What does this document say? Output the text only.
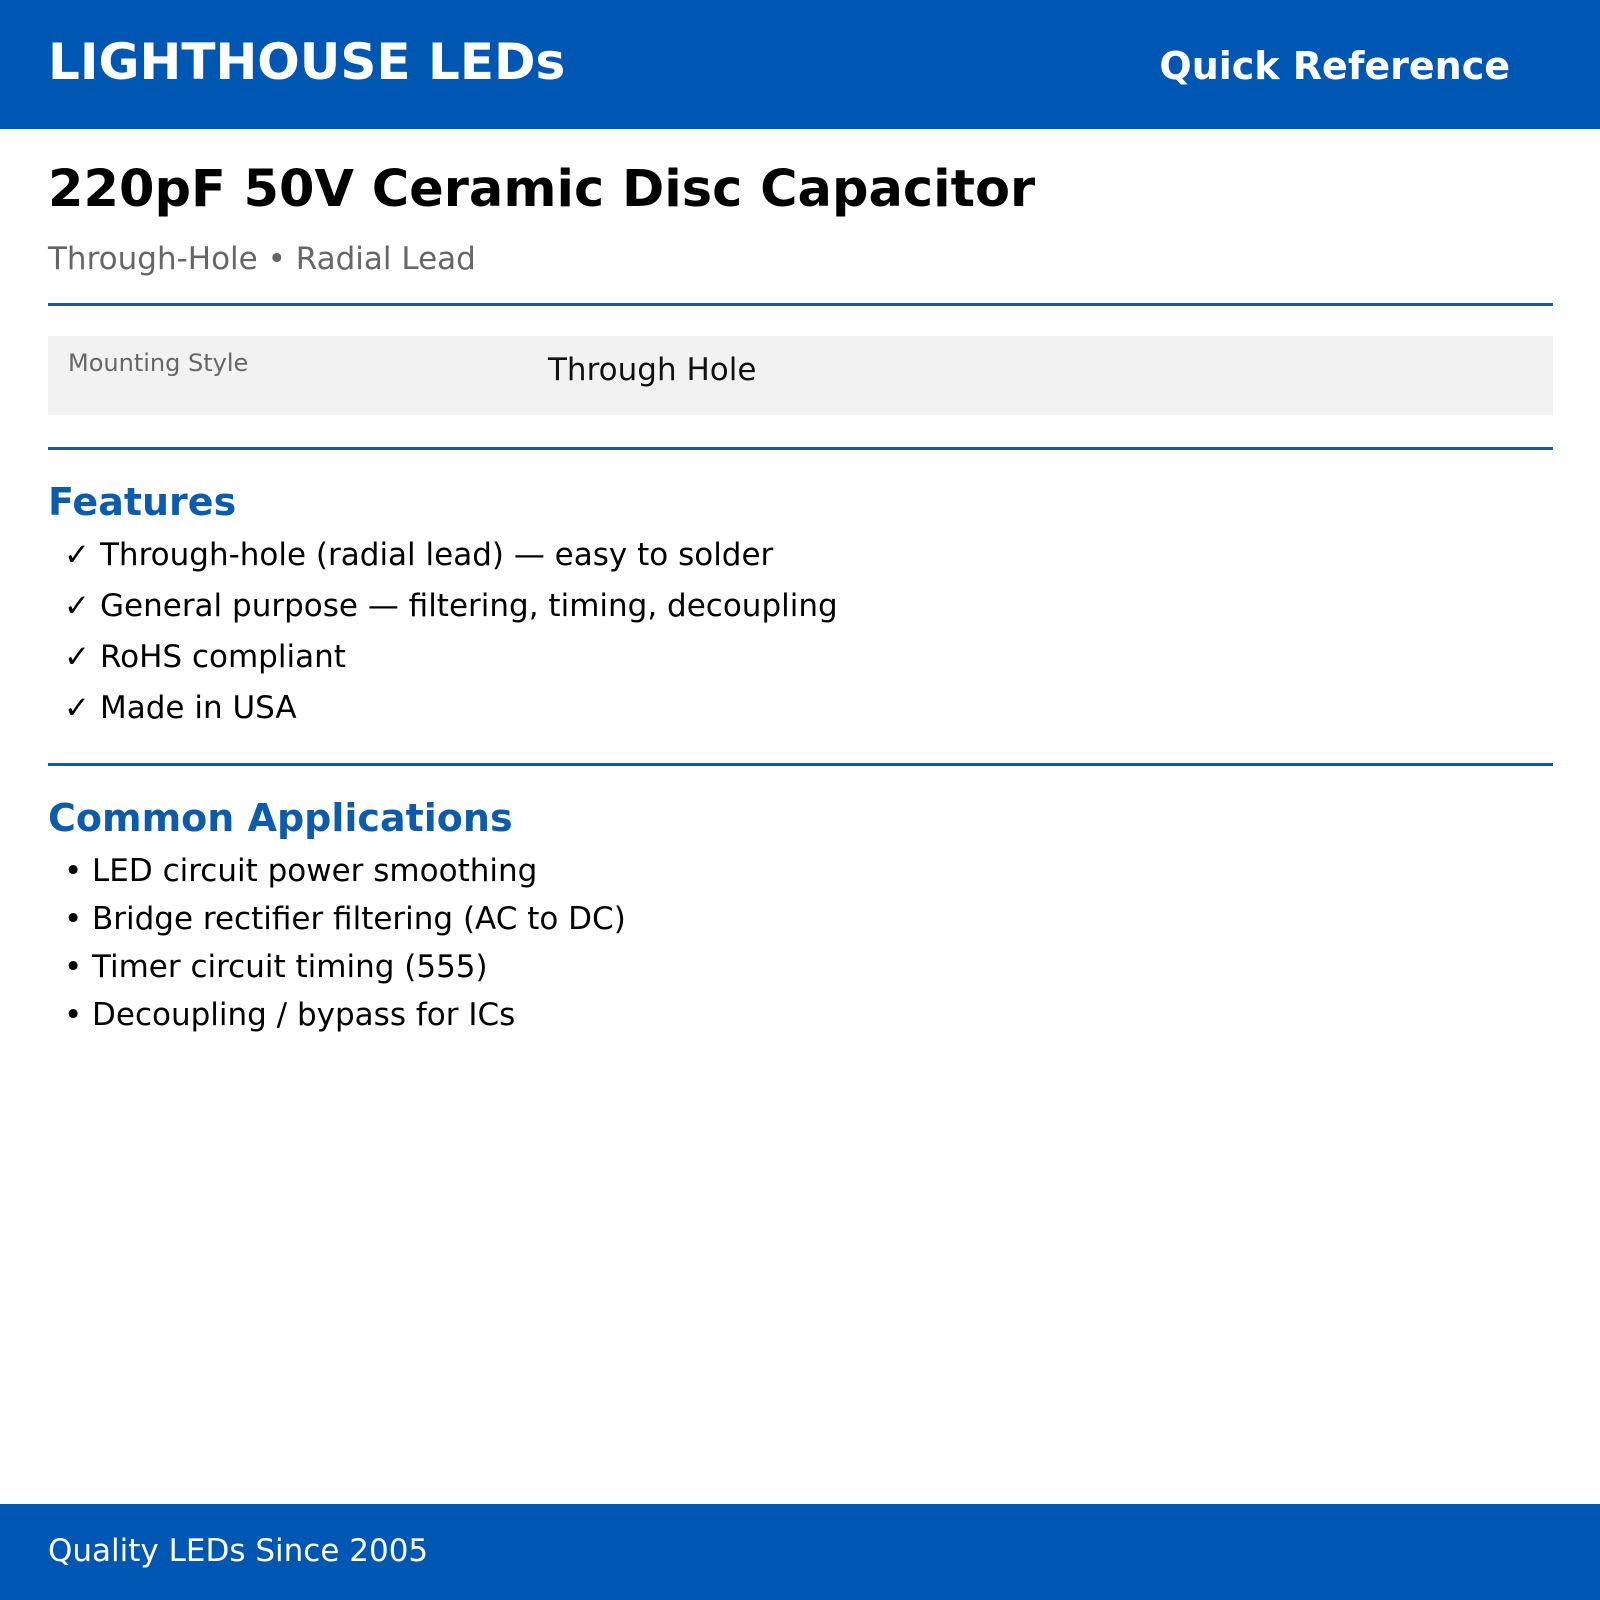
LIGHTHOUSE LEDs	Quick Reference
220pF 50V Ceramic Disc Capacitor
Through-Hole • Radial Lead
Mounting Style	Through Hole
Features
✓ Through-hole (radial lead) — easy to solder
✓ General purpose — filtering, timing, decoupling
✓ RoHS compliant
✓ Made in USA
Common Applications
• LED circuit power smoothing
• Bridge rectifier filtering (AC to DC)
• Timer circuit timing (555)
• Decoupling / bypass for ICs
Quality LEDs Since 2005
